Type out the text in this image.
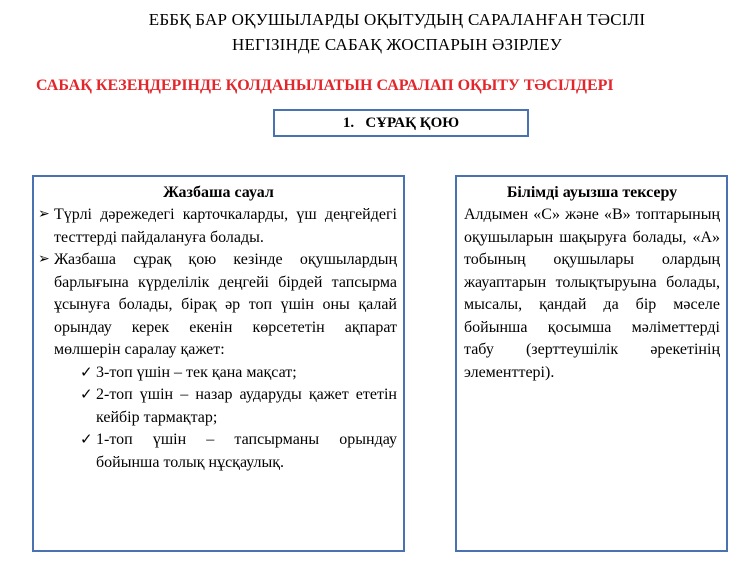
ЕББҚ БАР ОҚУШЫЛАРДЫ ОҚЫТУДЫҢ САРАЛАНҒАН ТӘСІЛІ
НЕГІЗІНДЕ САБАҚ ЖОСПАРЫН ӘЗІРЛЕУ
САБАҚ КЕЗЕҢДЕРІНДЕ ҚОЛДАНЫЛАТЫН САРАЛАП ОҚЫТУ ТӘСІЛДЕРІ
1.   СҰРАҚ ҚОЮ
Жазбаша сауал
➢ Түрлі дәрежедегі карточкаларды, үш деңгейдегі тесттерді пайдалануға болады.
➢ Жазбаша сұрақ қою кезінде оқушылардың барлығына күрделілік деңгейі бірдей тапсырма ұсынуға болады, бірақ әр топ үшін оны қалай орындау керек екенін көрсететін ақпарат мөлшерін саралау қажет:
✓ 3-топ үшін – тек қана мақсат;
✓ 2-топ үшін – назар аударуды қажет ететін кейбір тармақтар;
✓ 1-топ үшін – тапсырманы орындау бойынша толық нұсқаулық.
Білімді ауызша тексеру
Алдымен «С» және «В» топтарының оқушыларын шақыруға болады, «А» тобының оқушылары олардың жауаптарын толықтыруына болады, мысалы, қандай да бір мәселе бойынша қосымша мәліметтерді табу (зерттеушілік әрекетінің элементтері).
